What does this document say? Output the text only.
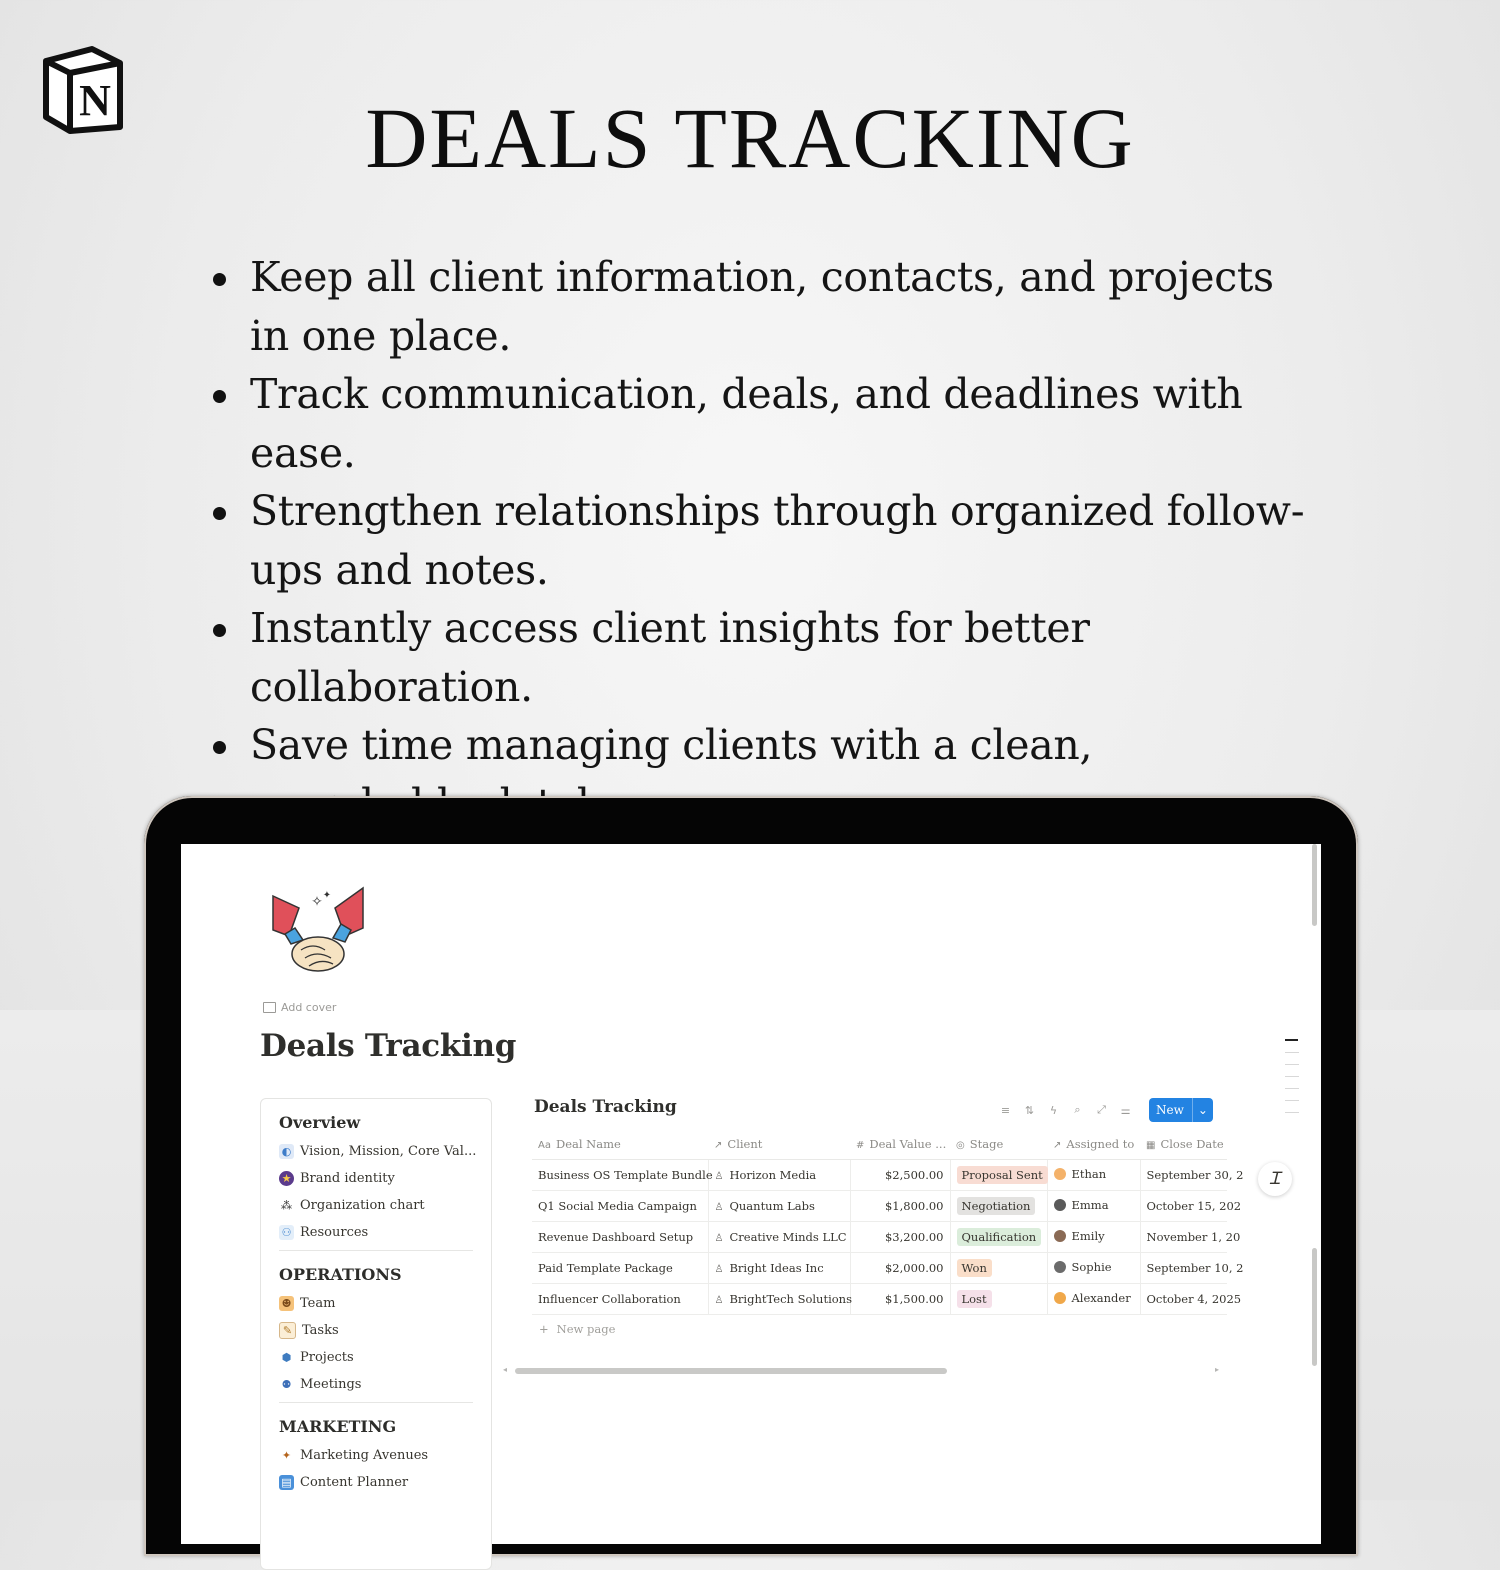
N	DEALS TRACKING
Keep all client information, contacts, and projects in one place.
Track communication, deals, and deadlines with ease.
Strengthen relationships through organized follow-ups and notes.
Instantly access client insights for better collaboration.
Save time managing clients with a clean,
✧ ✦
Add cover
Deals Tracking
Overview
◐ Vision, Mission, Core Val...
★ Brand identity
⁂ Organization chart
⚇ Resources
OPERATIONS
☻ Team
✎ Tasks
⬢ Projects
⚉ Meetings
MARKETING
✦ Marketing Avenues
▤ Content Planner
Deals Tracking	≡ ⇅ ϟ	⌕	⤢ ⚌	New	⌄
Aa Deal Name	↗ Client	# Deal Value ...	◎ Stage	↗ Assigned to	▦ Close Date
Business OS Template Bundle	♙ Horizon Media	$2,500.00	Proposal Sent	Ethan	September 30, 2
Q1 Social Media Campaign	♙ Quantum Labs	$1,800.00	Negotiation	Emma	October 15, 202
Revenue Dashboard Setup	♙ Creative Minds LLC	$3,200.00	Qualification	Emily	November 1, 20
Paid Template Package	♙ Bright Ideas Inc	$2,000.00	Won	Sophie	September 10, 2
Influencer Collaboration	♙ BrightTech Solutions	$1,500.00	Lost	Alexander	October 4, 2025
+ New page
◂	▸
Ꮖ
